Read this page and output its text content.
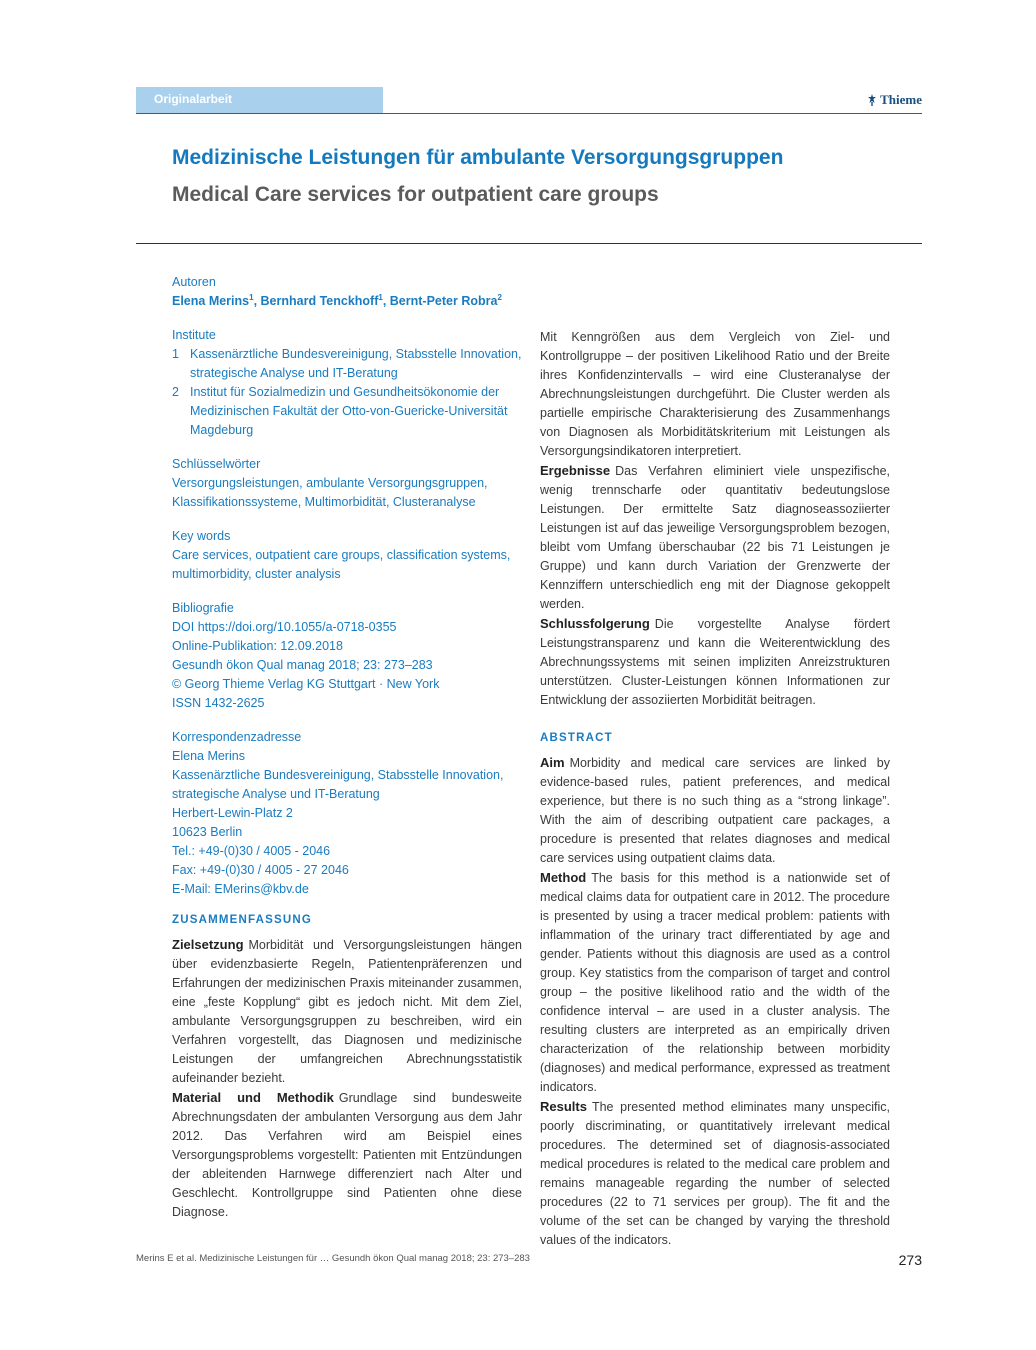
Originalarbeit	Thieme
Medizinische Leistungen für ambulante Versorgungsgruppen
Medical Care services for outpatient care groups
Autoren
Elena Merins$^1$, Bernhard Tenckhoff$^1$, Bernt-Peter Robra$^2$
Institute
1 Kassenärztliche Bundesvereinigung, Stabsstelle Innovation, strategische Analyse und IT-Beratung
2 Institut für Sozialmedizin und Gesundheitsökonomie der Medizinischen Fakultät der Otto-von-Guericke-Universität Magdeburg
Schlüsselwörter
Versorgungsleistungen, ambulante Versorgungsgruppen, Klassifikationssysteme, Multimorbidität, Clusteranalyse
Key words
Care services, outpatient care groups, classification systems, multimorbidity, cluster analysis
Bibliografie
DOI https://doi.org/10.1055/a-0718-0355
Online-Publikation: 12.09.2018
Gesundh ökon Qual manag 2018; 23: 273–283
© Georg Thieme Verlag KG Stuttgart · New York
ISSN 1432-2625
Korrespondenzadresse
Elena Merins
Kassenärztliche Bundesvereinigung, Stabsstelle Innovation, strategische Analyse und IT-Beratung
Herbert-Lewin-Platz 2
10623 Berlin
Tel.: +49-(0)30 / 4005 - 2046
Fax: +49-(0)30 / 4005 - 27 2046
E-Mail: EMerins@kbv.de
ZUSAMMENFASSUNG

Zielsetzung Morbidität und Versorgungsleistungen hängen über evidenzbasierte Regeln, Patientenpräferenzen und Erfahrungen der medizinischen Praxis miteinander zusammen, eine „feste Kopplung“ gibt es jedoch nicht. Mit dem Ziel, ambulante Versorgungsgruppen zu beschreiben, wird ein Verfahren vorgestellt, das Diagnosen und medizinische Leistungen der umfangreichen Abrechnungsstatistik aufeinander bezieht.

Material und Methodik Grundlage sind bundesweite Abrechnungsdaten der ambulanten Versorgung aus dem Jahr 2012. Das Verfahren wird am Beispiel eines Versorgungsproblems vorgestellt: Patienten mit Entzündungen der ableitenden Harnwege differenziert nach Alter und Geschlecht. Kontrollgruppe sind Patienten ohne diese Diagnose.

Mit Kenngrößen aus dem Vergleich von Ziel- und Kontrollgruppe – der positiven Likelihood Ratio und der Breite ihres Konfidenzintervalls – wird eine Clusteranalyse der Abrechnungsleistungen durchgeführt. Die Cluster werden als partielle empirische Charakterisierung des Zusammenhangs von Diagnosen als Morbiditätskriterium mit Leistungen als Versorgungsindikatoren interpretiert.

Ergebnisse Das Verfahren eliminiert viele unspezifische, wenig trennscharfe oder quantitativ bedeutungslose Leistungen. Der ermittelte Satz diagnoseassoziierter Leistungen ist auf das jeweilige Versorgungsproblem bezogen, bleibt vom Umfang überschaubar (22 bis 71 Leistungen je Gruppe) und kann durch Variation der Grenzwerte der Kennziffern unterschiedlich eng mit der Diagnose gekoppelt werden.

Schlussfolgerung Die vorgestellte Analyse fördert Leistungstransparenz und kann die Weiterentwicklung des Abrechnungssystems mit seinen impliziten Anreizstrukturen unterstützen. Cluster-Leistungen können Informationen zur Entwicklung der assoziierten Morbidität beitragen.

ABSTRACT

Aim Morbidity and medical care services are linked by evidence-based rules, patient preferences, and medical experience, but there is no such thing as a “strong linkage”. With the aim of describing outpatient care packages, a procedure is presented that relates diagnoses and medical care services using outpatient claims data.

Method The basis for this method is a nationwide set of medical claims data for outpatient care in 2012. The procedure is presented by using a tracer medical problem: patients with inflammation of the urinary tract differentiated by age and gender. Patients without this diagnosis are used as a control group. Key statistics from the comparison of target and control group – the positive likelihood ratio and the width of the confidence interval – are used in a cluster analysis. The resulting clusters are interpreted as an empirically driven characterization of the relationship between morbidity (diagnoses) and medical performance, expressed as treatment indicators.

Results The presented method eliminates many unspecific, poorly discriminating, or quantitatively irrelevant medical procedures. The determined set of diagnosis-associated medical procedures is related to the medical care problem and remains manageable regarding the number of selected procedures (22 to 71 services per group). The fit and the volume of the set can be changed by varying the threshold values of the indicators.

Merins E et al. Medizinische Leistungen für … Gesundh ökon Qual manag 2018; 23: 273–283	273
